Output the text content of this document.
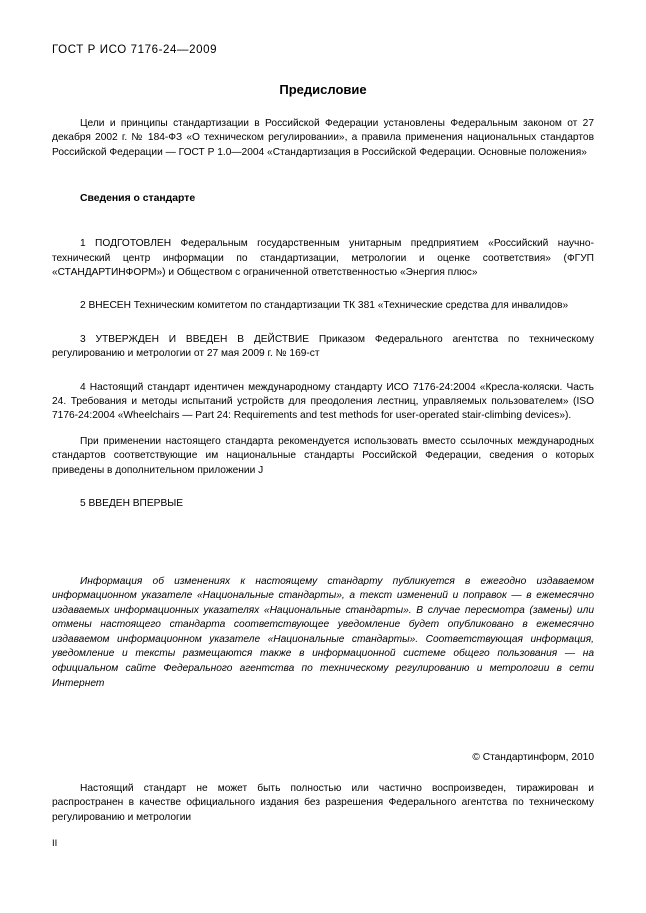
ГОСТ Р ИСО 7176-24—2009
Предисловие

Цели и принципы стандартизации в Российской Федерации установлены Федеральным законом от 27 декабря 2002 г. № 184-ФЗ «О техническом регулировании», а правила применения национальных стандартов Российской Федерации — ГОСТ Р 1.0—2004 «Стандартизация в Российской Федерации. Основные положения»

Сведения о стандарте

1 ПОДГОТОВЛЕН Федеральным государственным унитарным предприятием «Российский научно-технический центр информации по стандартизации, метрологии и оценке соответствия» (ФГУП «СТАНДАРТИНФОРМ») и Обществом с ограниченной ответственностью «Энергия плюс»

2 ВНЕСЕН Техническим комитетом по стандартизации ТК 381 «Технические средства для инвалидов»

3 УТВЕРЖДЕН И ВВЕДЕН В ДЕЙСТВИЕ Приказом Федерального агентства по техническому регулированию и метрологии от 27 мая 2009 г. № 169-ст

4 Настоящий стандарт идентичен международному стандарту ИСО 7176-24:2004 «Кресла-коляски. Часть 24. Требования и методы испытаний устройств для преодоления лестниц, управляемых пользователем» (ISO 7176-24:2004 «Wheelchairs — Part 24: Requirements and test methods for user-operated stair-climbing devices»).

При применении настоящего стандарта рекомендуется использовать вместо ссылочных международных стандартов соответствующие им национальные стандарты Российской Федерации, сведения о которых приведены в дополнительном приложении J

5 ВВЕДЕН ВПЕРВЫЕ

Информация об изменениях к настоящему стандарту публикуется в ежегодно издаваемом информационном указателе «Национальные стандарты», а текст изменений и поправок — в ежемесячно издаваемых информационных указателях «Национальные стандарты». В случае пересмотра (замены) или отмены настоящего стандарта соответствующее уведомление будет опубликовано в ежемесячно издаваемом информационном указателе «Национальные стандарты». Соответствующая информация, уведомление и тексты размещаются также в информационной системе общего пользования — на официальном сайте Федерального агентства по техническому регулированию и метрологии в сети Интернет

© Стандартинформ, 2010
Настоящий стандарт не может быть полностью или частично воспроизведен, тиражирован и распространен в качестве официального издания без разрешения Федерального агентства по техническому регулированию и метрологии
II
